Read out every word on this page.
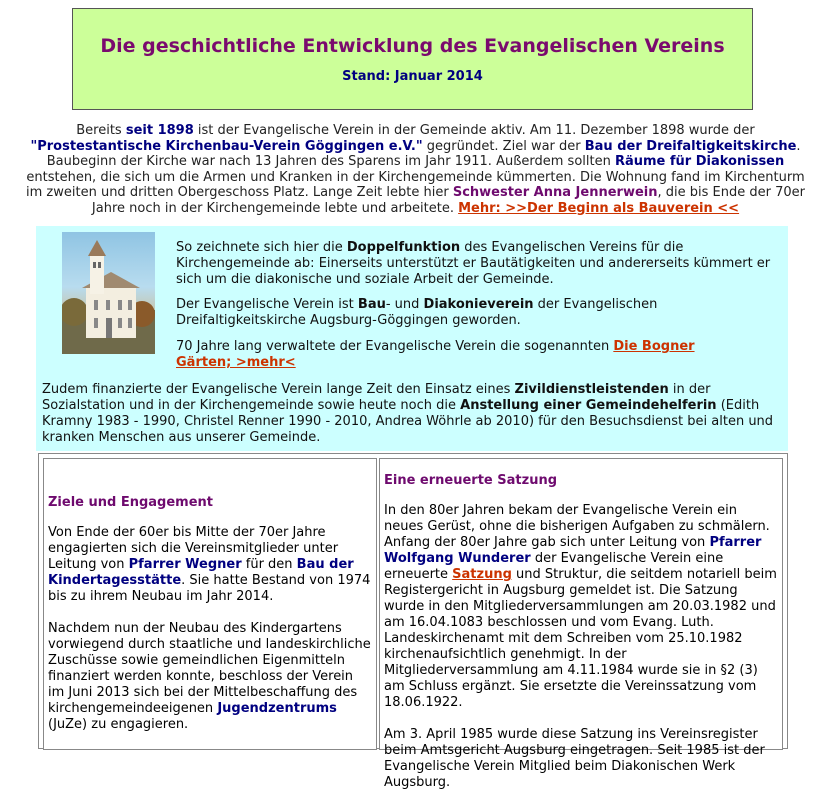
Die geschichtliche Entwicklung des Evangelischen Vereins
Stand: Januar 2014
Bereits seit 1898 ist der Evangelische Verein in der Gemeinde aktiv. Am 11. Dezember 1898 wurde der "Prostestantische Kirchenbau-Verein Göggingen e.V." gegründet. Ziel war der Bau der Dreifaltigkeitskirche. Baubeginn der Kirche war nach 13 Jahren des Sparens im Jahr 1911. Außerdem sollten Räume für Diakonissen entstehen, die sich um die Armen und Kranken in der Kirchengemeinde kümmerten. Die Wohnung fand im Kirchenturm im zweiten und dritten Obergeschoss Platz. Lange Zeit lebte hier Schwester Anna Jennerwein, die bis Ende der 70er Jahre noch in der Kirchengemeinde lebte und arbeitete. Mehr: >>Der Beginn als Bauverein <<
So zeichnete sich hier die Doppelfunktion des Evangelischen Vereins für die Kirchengemeinde ab: Einerseits unterstützt er Bautätigkeiten und andererseits kümmert er sich um die diakonische und soziale Arbeit der Gemeinde.
Der Evangelische Verein ist Bau- und Diakonieverein der Evangelischen Dreifaltigkeitskirche Augsburg-Göggingen geworden.
70 Jahre lang verwaltete der Evangelische Verein die sogenannten Die Bogner Gärten; >mehr<
Zudem finanzierte der Evangelische Verein lange Zeit den Einsatz eines Zivildienstleistenden in der Sozialstation und in der Kirchengemeinde sowie heute noch die Anstellung einer Gemeindehelferin (Edith Kramny 1983 - 1990, Christel Renner 1990 - 2010, Andrea Wöhrle ab 2010) für den Besuchsdienst bei alten und kranken Menschen aus unserer Gemeinde.
Ziele und Engagement
Von Ende der 60er bis Mitte der 70er Jahre engagierten sich die Vereinsmitglieder unter Leitung von Pfarrer Wegner für den Bau der Kindertagesstätte. Sie hatte Bestand von 1974 bis zu ihrem Neubau im Jahr 2014.
Nachdem nun der Neubau des Kindergartens vorwiegend durch staatliche und landeskirchliche Zuschüsse sowie gemeindlichen Eigenmitteln finanziert werden konnte, beschloss der Verein im Juni 2013 sich bei der Mittelbeschaffung des kirchengemeindeeigenen Jugendzentrums (JuZe) zu engagieren.
Eine erneuerte Satzung
In den 80er Jahren bekam der Evangelische Verein ein neues Gerüst, ohne die bisherigen Aufgaben zu schmälern. Anfang der 80er Jahre gab sich unter Leitung von Pfarrer Wolfgang Wunderer der Evangelische Verein eine erneuerte Satzung und Struktur, die seitdem notariell beim Registergericht in Augsburg gemeldet ist. Die Satzung wurde in den Mitgliederversammlungen am 20.03.1982 und am 16.04.1083 beschlossen und vom Evang. Luth. Landeskirchenamt mit dem Schreiben vom 25.10.1982 kirchenaufsichtlich genehmigt. In der Mitgliederversammlung am 4.11.1984 wurde sie in §2 (3) am Schluss ergänzt. Sie ersetzte die Vereinssatzung vom 18.06.1922.
Am 3. April 1985 wurde diese Satzung ins Vereinsregister beim Amtsgericht Augsburg eingetragen. Seit 1985 ist der Evangelische Verein Mitglied beim Diakonischen Werk Augsburg.
